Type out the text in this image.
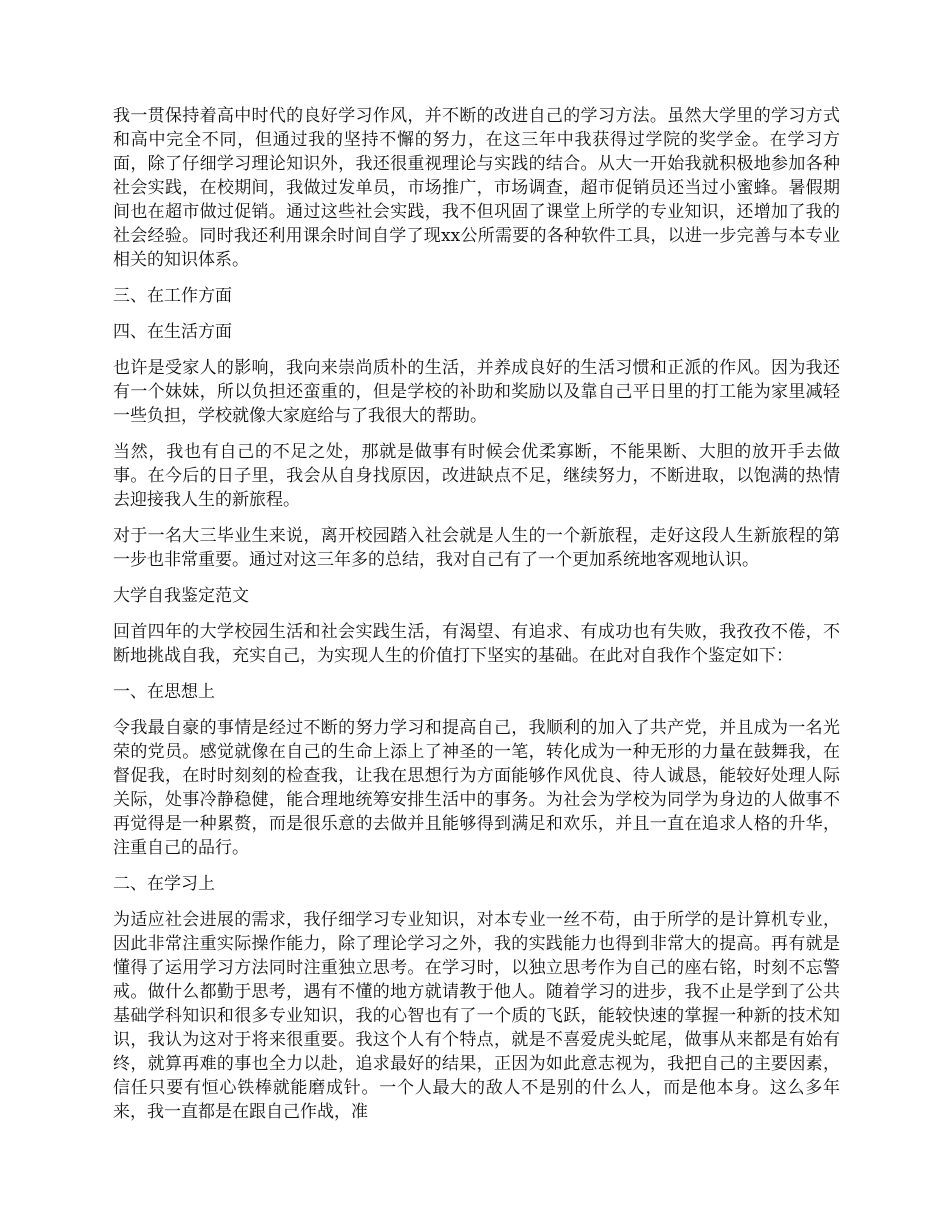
我一贯保持着高中时代的良好学习作风，并不断的改进自己的学习方法。虽然大学里的学习方式和高中完全不同，但通过我的坚持不懈的努力，在这三年中我获得过学院的奖学金。在学习方面，除了仔细学习理论知识外，我还很重视理论与实践的结合。从大一开始我就积极地参加各种社会实践，在校期间，我做过发单员，市场推广，市场调查，超市促销员还当过小蜜蜂。暑假期间也在超市做过促销。通过这些社会实践，我不但巩固了课堂上所学的专业知识，还增加了我的社会经验。同时我还利用课余时间自学了现xx公所需要的各种软件工具，以进一步完善与本专业相关的知识体系。

三、在工作方面

四、在生活方面

也许是受家人的影响，我向来崇尚质朴的生活，并养成良好的生活习惯和正派的作风。因为我还有一个妹妹，所以负担还蛮重的，但是学校的补助和奖励以及靠自己平日里的打工能为家里减轻一些负担，学校就像大家庭给与了我很大的帮助。

当然，我也有自己的不足之处，那就是做事有时候会优柔寡断，不能果断、大胆的放开手去做事。在今后的日子里，我会从自身找原因，改进缺点不足，继续努力，不断进取，以饱满的热情去迎接我人生的新旅程。

对于一名大三毕业生来说，离开校园踏入社会就是人生的一个新旅程，走好这段人生新旅程的第一步也非常重要。通过对这三年多的总结，我对自己有了一个更加系统地客观地认识。

大学自我鉴定范文

回首四年的大学校园生活和社会实践生活，有渴望、有追求、有成功也有失败，我孜孜不倦，不断地挑战自我，充实自己，为实现人生的价值打下坚实的基础。在此对自我作个鉴定如下：

一、在思想上

令我最自豪的事情是经过不断的努力学习和提高自己，我顺利的加入了共产党，并且成为一名光荣的党员。感觉就像在自己的生命上添上了神圣的一笔，转化成为一种无形的力量在鼓舞我，在督促我，在时时刻刻的检查我，让我在思想行为方面能够作风优良、待人诚恳，能较好处理人际关际，处事冷静稳健，能合理地统筹安排生活中的事务。为社会为学校为同学为身边的人做事不再觉得是一种累赘，而是很乐意的去做并且能够得到满足和欢乐，并且一直在追求人格的升华，注重自己的品行。

二、在学习上

为适应社会进展的需求，我仔细学习专业知识，对本专业一丝不苟，由于所学的是计算机专业，因此非常注重实际操作能力，除了理论学习之外，我的实践能力也得到非常大的提高。再有就是懂得了运用学习方法同时注重独立思考。在学习时，以独立思考作为自己的座右铭，时刻不忘警戒。做什么都勤于思考，遇有不懂的地方就请教于他人。随着学习的进步，我不止是学到了公共基础学科知识和很多专业知识，我的心智也有了一个质的飞跃，能较快速的掌握一种新的技术知识，我认为这对于将来很重要。我这个人有个特点，就是不喜爱虎头蛇尾，做事从来都是有始有终，就算再难的事也全力以赴，追求最好的结果，正因为如此意志视为，我把自己的主要因素，信任只要有恒心铁棒就能磨成针。一个人最大的敌人不是别的什么人，而是他本身。这么多年来，我一直都是在跟自己作战，准
